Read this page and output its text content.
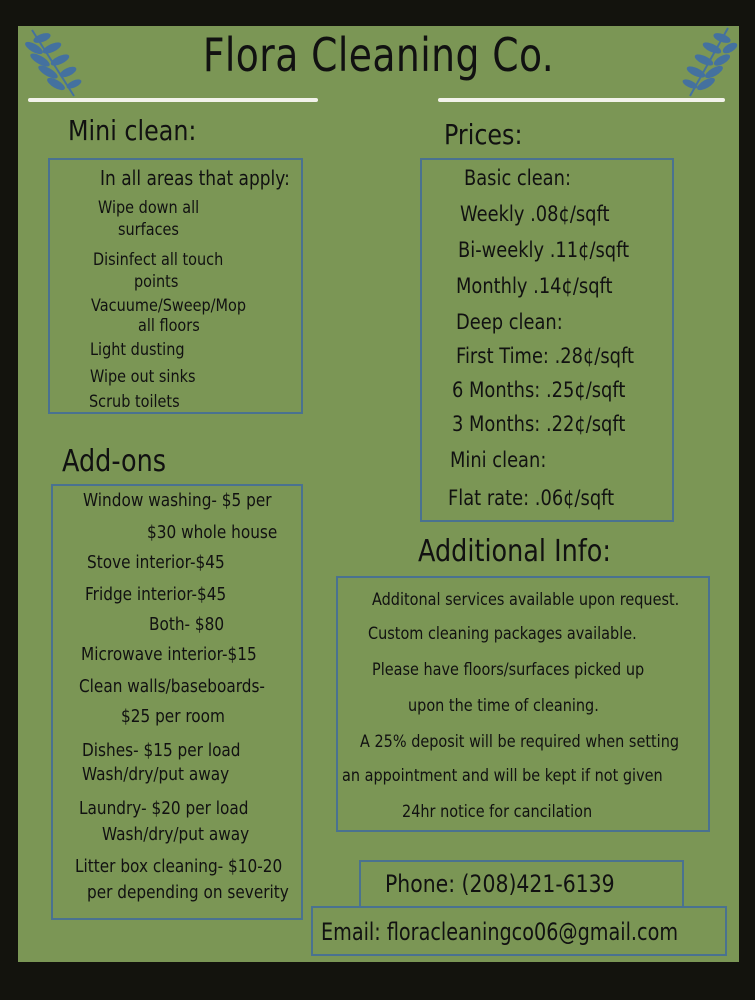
Flora Cleaning Co.
Mini clean:
In all areas that apply:
Wipe down all
surfaces
Disinfect all touch
points
Vacuume/Sweep/Mop
all floors
Light dusting
Wipe out sinks
Scrub toilets
Prices:
Basic clean:
Weekly .08¢/sqft
Bi-weekly .11¢/sqft
Monthly .14¢/sqft
Deep clean:
First Time: .28¢/sqft
6 Months: .25¢/sqft
3 Months: .22¢/sqft
Mini clean:
Flat rate: .06¢/sqft
Add-ons
Window washing- $5 per
$30 whole house
Stove interior-$45
Fridge interior-$45
Both- $80
Microwave interior-$15
Clean walls/baseboards-
$25 per room
Dishes- $15 per load
Wash/dry/put away
Laundry- $20 per load
Wash/dry/put away
Litter box cleaning- $10-20
per depending on severity
Additional Info:
Additonal services available upon request.
Custom cleaning packages available.
Please have floors/surfaces picked up
upon the time of cleaning.
A 25% deposit will be required when setting
an appointment and will be kept if not given
24hr notice for cancilation
Phone: (208)421-6139
Email: floracleaningco06@gmail.com
